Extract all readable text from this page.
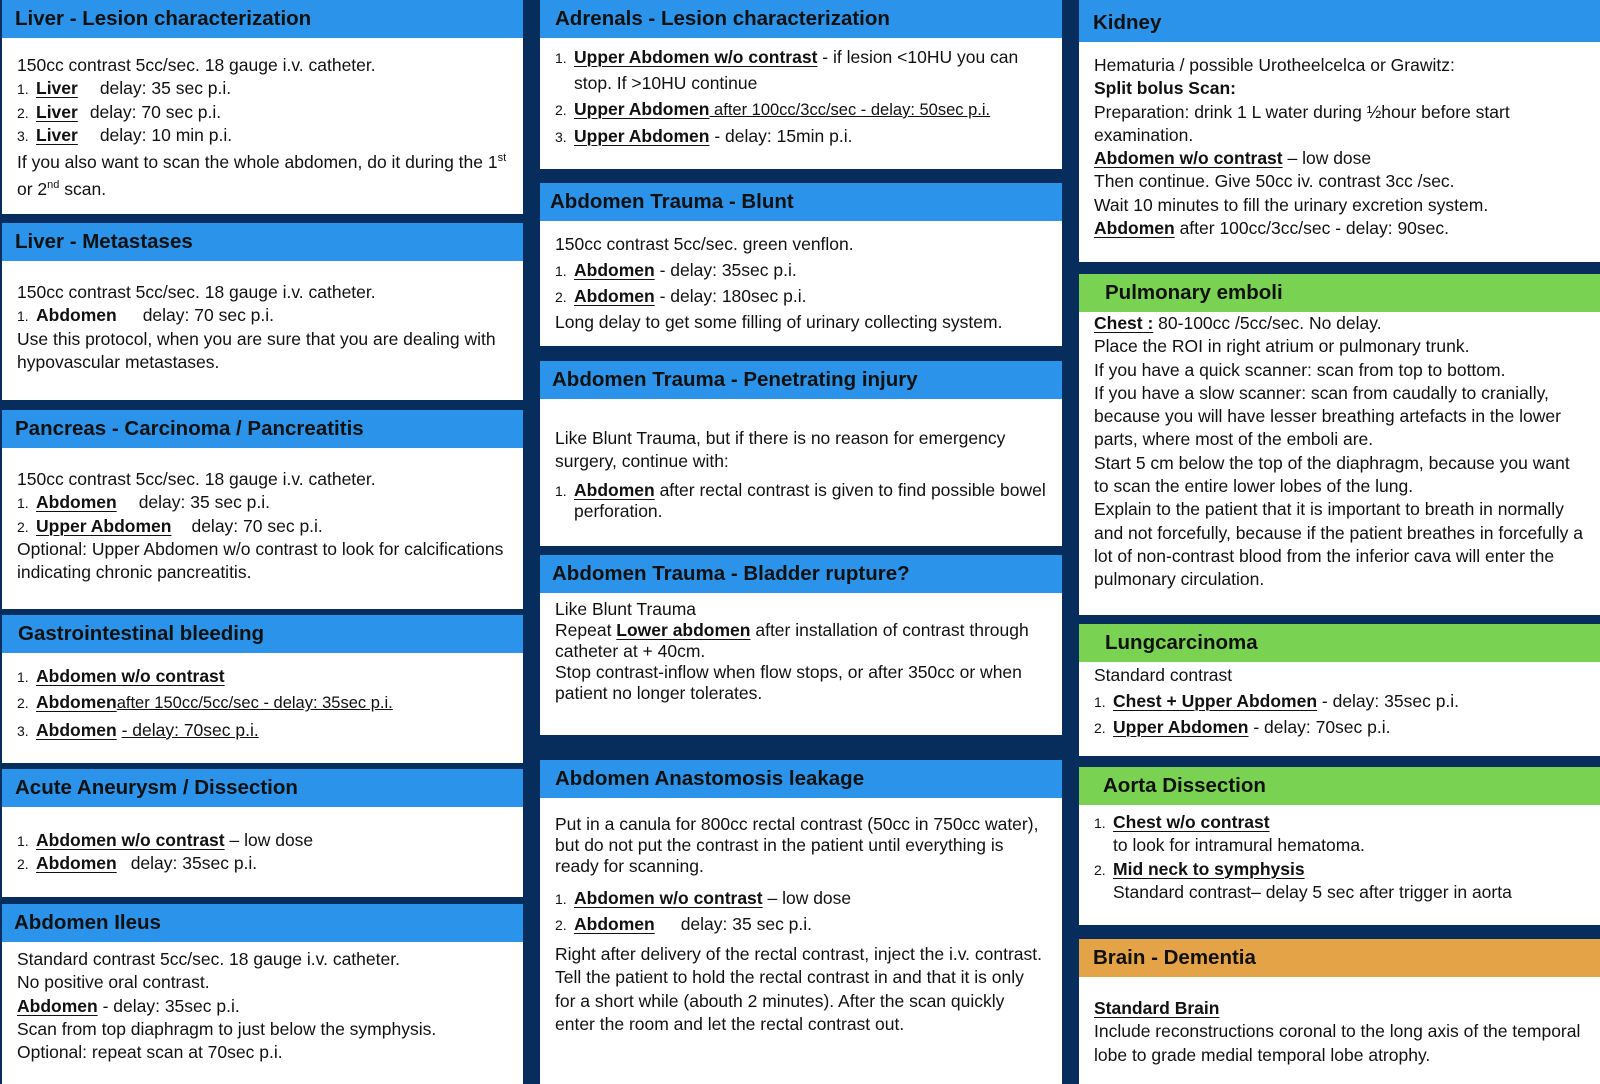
Liver - Lesion characterization
150cc contrast 5cc/sec. 18 gauge i.v. catheter.
1. Liver delay: 35 sec p.i.
2. Liver delay: 70 sec p.i.
3. Liver delay: 10 min p.i.
If you also want to scan the whole abdomen, do it during the 1st or 2nd scan.
Liver - Metastases
150cc contrast 5cc/sec. 18 gauge i.v. catheter.
1. Abdomen delay: 70 sec p.i.
Use this protocol, when you are sure that you are dealing with hypovascular metastases.
Pancreas - Carcinoma / Pancreatitis
150cc contrast 5cc/sec. 18 gauge i.v. catheter.
1. Abdomen delay: 35 sec p.i.
2. Upper Abdomen delay: 70 sec p.i.
Optional: Upper Abdomen w/o contrast to look for calcifications indicating chronic pancreatitis.
Gastrointestinal bleeding
1. Abdomen w/o contrast
2. Abdomenafter 150cc/5cc/sec - delay: 35sec p.i.
3. Abdomen - delay: 70sec p.i.
Acute Aneurysm / Dissection
1. Abdomen w/o contrast – low dose
2. Abdomen delay: 35sec p.i.
Abdomen Ileus
Standard contrast 5cc/sec. 18 gauge i.v. catheter.
No positive oral contrast.
Abdomen - delay: 35sec p.i.
Scan from top diaphragm to just below the symphysis.
Optional: repeat scan at 70sec p.i.
Adrenals - Lesion characterization
1. Upper Abdomen w/o contrast - if lesion <10HU you can stop. If >10HU continue
2. Upper Abdomen after 100cc/3cc/sec - delay: 50sec p.i.
3. Upper Abdomen - delay: 15min p.i.
Abdomen Trauma - Blunt
150cc contrast 5cc/sec. green venflon.
1. Abdomen - delay: 35sec p.i.
2. Abdomen - delay: 180sec p.i.
Long delay to get some filling of urinary collecting system.
Abdomen Trauma - Penetrating injury
Like Blunt Trauma, but if there is no reason for emergency surgery, continue with:
1. Abdomen after rectal contrast is given to find possible bowel perforation.
Abdomen Trauma - Bladder rupture?
Like Blunt Trauma
Repeat Lower abdomen after installation of contrast through catheter at + 40cm.
Stop contrast-inflow when flow stops, or after 350cc or when patient no longer tolerates.
Abdomen Anastomosis leakage
Put in a canula for 800cc rectal contrast (50cc in 750cc water), but do not put the contrast in the patient until everything is ready for scanning.
1. Abdomen w/o contrast – low dose
2. Abdomen delay: 35 sec p.i.
Right after delivery of the rectal contrast, inject the i.v. contrast.
Tell the patient to hold the rectal contrast in and that it is only for a short while (abouth 2 minutes). After the scan quickly enter the room and let the rectal contrast out.
Kidney
Hematuria / possible Urotheelcelca or Grawitz:
Split bolus Scan:
Preparation: drink 1 L water during ½hour before start examination.
Abdomen w/o contrast – low dose
Then continue. Give 50cc iv. contrast 3cc /sec.
Wait 10 minutes to fill the urinary excretion system.
Abdomen after 100cc/3cc/sec - delay: 90sec.
Pulmonary emboli
Chest : 80-100cc /5cc/sec. No delay.
Place the ROI in right atrium or pulmonary trunk.
If you have a quick scanner: scan from top to bottom.
If you have a slow scanner: scan from caudally to cranially, because you will have lesser breathing artefacts in the lower parts, where most of the emboli are.
Start 5 cm below the top of the diaphragm, because you want to scan the entire lower lobes of the lung.
Explain to the patient that it is important to breath in normally and not forcefully, because if the patient breathes in forcefully a lot of non-contrast blood from the inferior cava will enter the pulmonary circulation.
Lungcarcinoma
Standard contrast
1. Chest + Upper Abdomen - delay: 35sec p.i.
2. Upper Abdomen - delay: 70sec p.i.
Aorta Dissection
1. Chest w/o contrast
to look for intramural hematoma.
2. Mid neck to symphysis
Standard contrast– delay 5 sec after trigger in aorta
Brain - Dementia
Standard Brain
Include reconstructions coronal to the long axis of the temporal lobe to grade medial temporal lobe atrophy.
